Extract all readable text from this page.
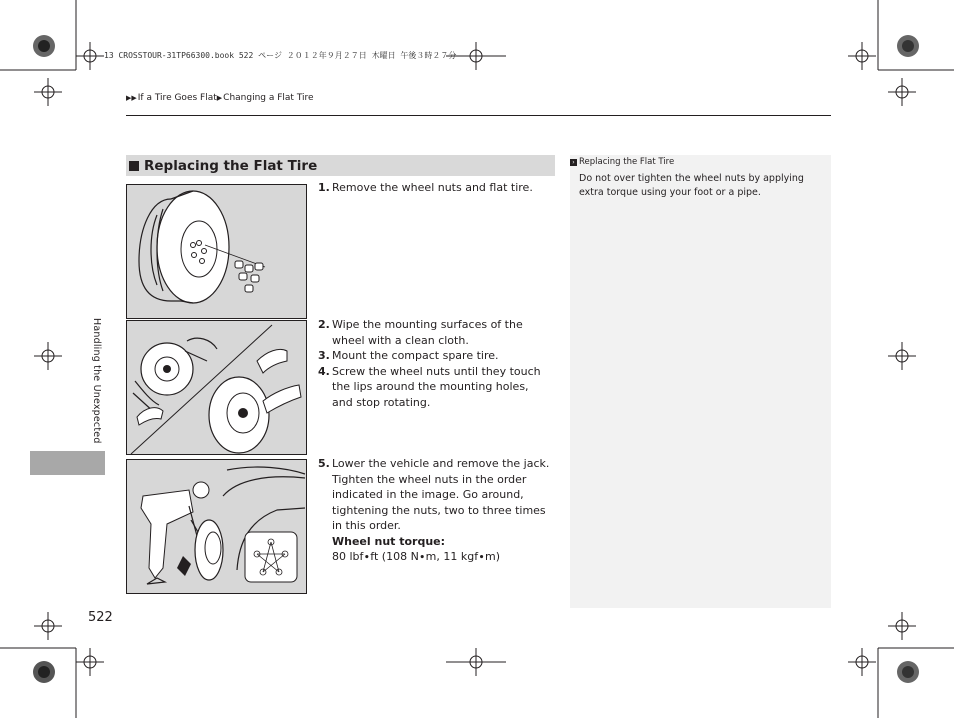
13 CROSSTOUR-31TP66300.book 522 ページ ２０１２年９月２７日 木曜日 午後３時２７分
▶▶ If a Tire Goes Flat ▶ Changing a Flat Tire
Handling the Unexpected
Replacing the Flat Tire
1. Remove the wheel nuts and flat tire.
2. Wipe the mounting surfaces of the wheel with a clean cloth.
3. Mount the compact spare tire.
4. Screw the wheel nuts until they touch the lips around the mounting holes, and stop rotating.
5. Lower the vehicle and remove the jack. Tighten the wheel nuts in the order indicated in the image. Go around, tightening the nuts, two to three times in this order.
Wheel nut torque:
80 lbf∙ft (108 N∙m, 11 kgf∙m)
› Replacing the Flat Tire
Do not over tighten the wheel nuts by applying extra torque using your foot or a pipe.
522
